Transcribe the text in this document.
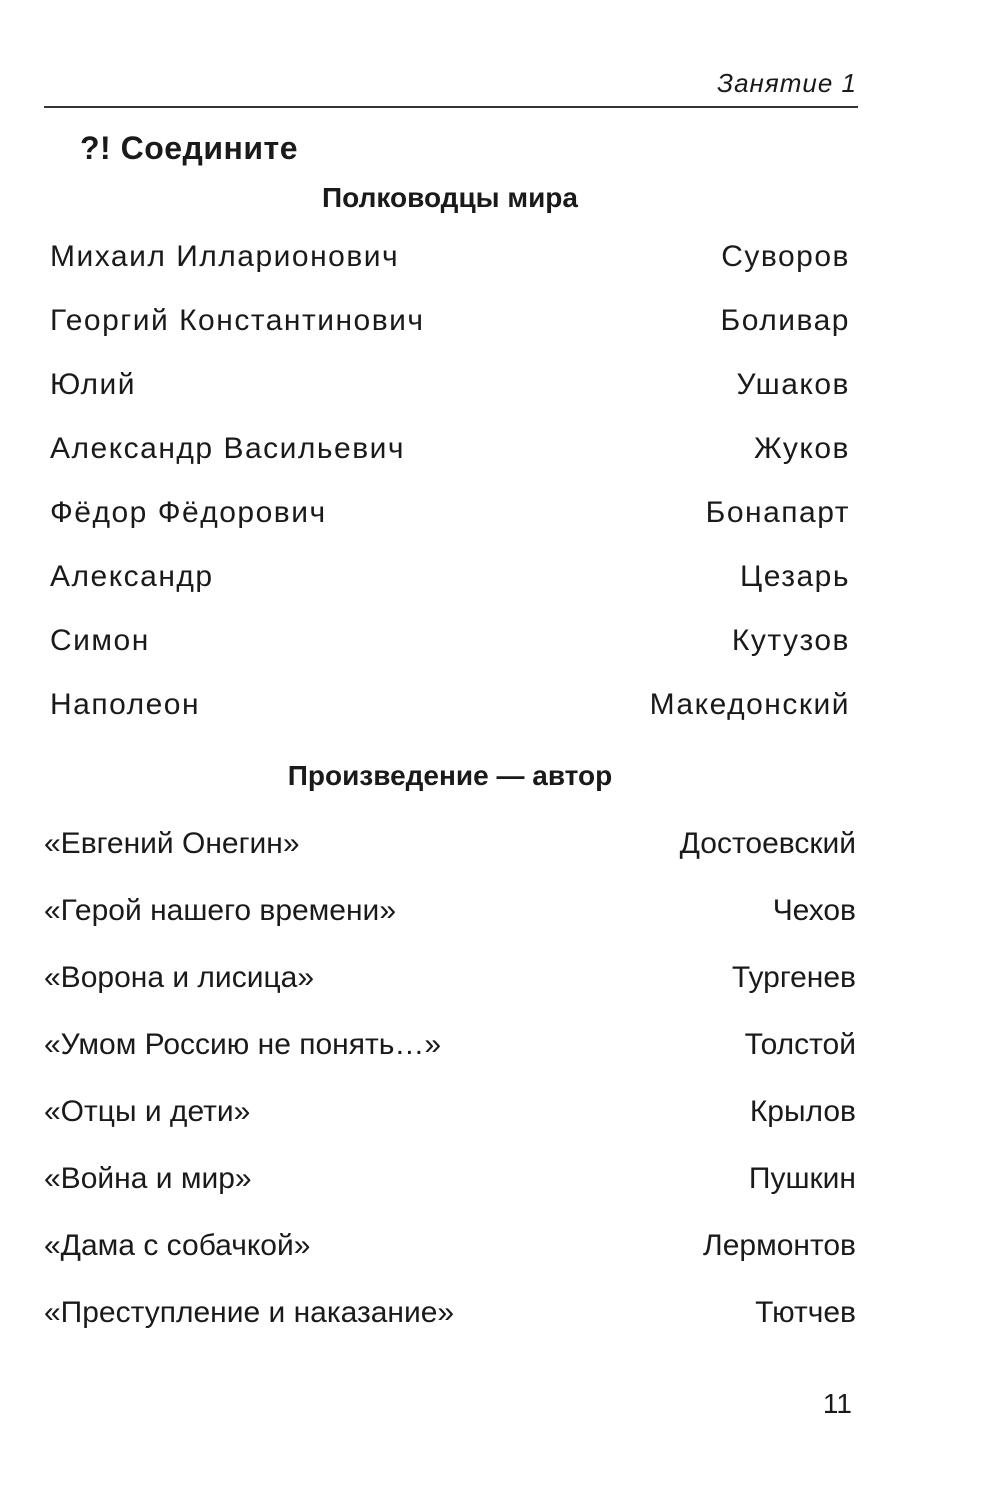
Занятие 1
?! Соедините
Полководцы мира
Михаил Илларионович	Суворов
Георгий Константинович	Боливар
Юлий	Ушаков
Александр Васильевич	Жуков
Фёдор Фёдорович	Бонапарт
Александр	Цезарь
Симон	Кутузов
Наполеон	Македонский
Произведение — автор
«Евгений Онегин»	Достоевский
«Герой нашего времени»	Чехов
«Ворона и лисица»	Тургенев
«Умом Россию не понять…»	Толстой
«Отцы и дети»	Крылов
«Война и мир»	Пушкин
«Дама с собачкой»	Лермонтов
«Преступление и наказание»	Тютчев
11
